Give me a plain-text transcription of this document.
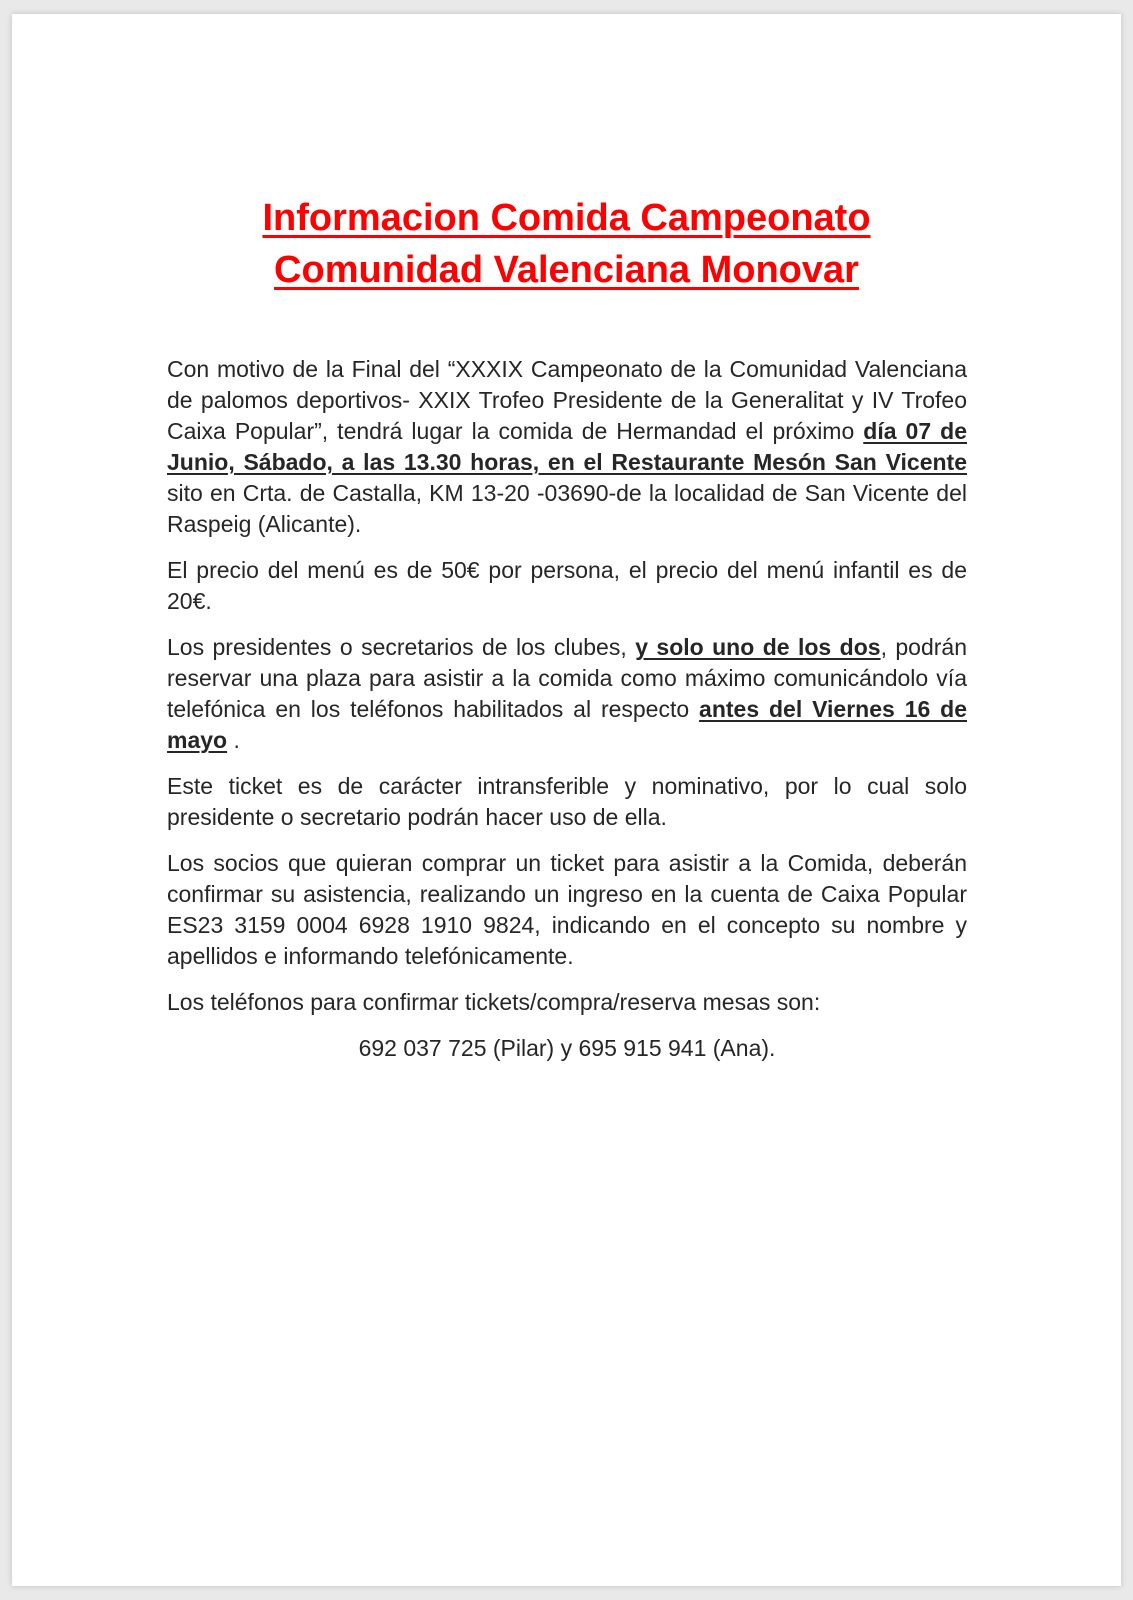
Informacion Comida Campeonato
Comunidad Valenciana Monovar

Con motivo de la Final del “XXXIX Campeonato de la Comunidad Valenciana de palomos deportivos- XXIX Trofeo Presidente de la Generalitat y IV Trofeo Caixa Popular”, tendrá lugar la comida de Hermandad el próximo día 07 de Junio, Sábado, a las 13.30 horas, en el Restaurante Mesón San Vicente sito en Crta. de Castalla, KM 13-20 -03690-de la localidad de San Vicente del Raspeig (Alicante).

El precio del menú es de 50€ por persona, el precio del menú infantil es de 20€.

Los presidentes o secretarios de los clubes, y solo uno de los dos, podrán reservar una plaza para asistir a la comida como máximo comunicándolo vía telefónica en los teléfonos habilitados al respecto antes del Viernes 16 de mayo .

Este ticket es de carácter intransferible y nominativo, por lo cual solo presidente o secretario podrán hacer uso de ella.

Los socios que quieran comprar un ticket para asistir a la Comida, deberán confirmar su asistencia, realizando un ingreso en la cuenta de Caixa Popular ES23 3159 0004 6928 1910 9824, indicando en el concepto su nombre y apellidos e informando telefónicamente.

Los teléfonos para confirmar tickets/compra/reserva mesas son:

692 037 725 (Pilar) y 695 915 941 (Ana).
